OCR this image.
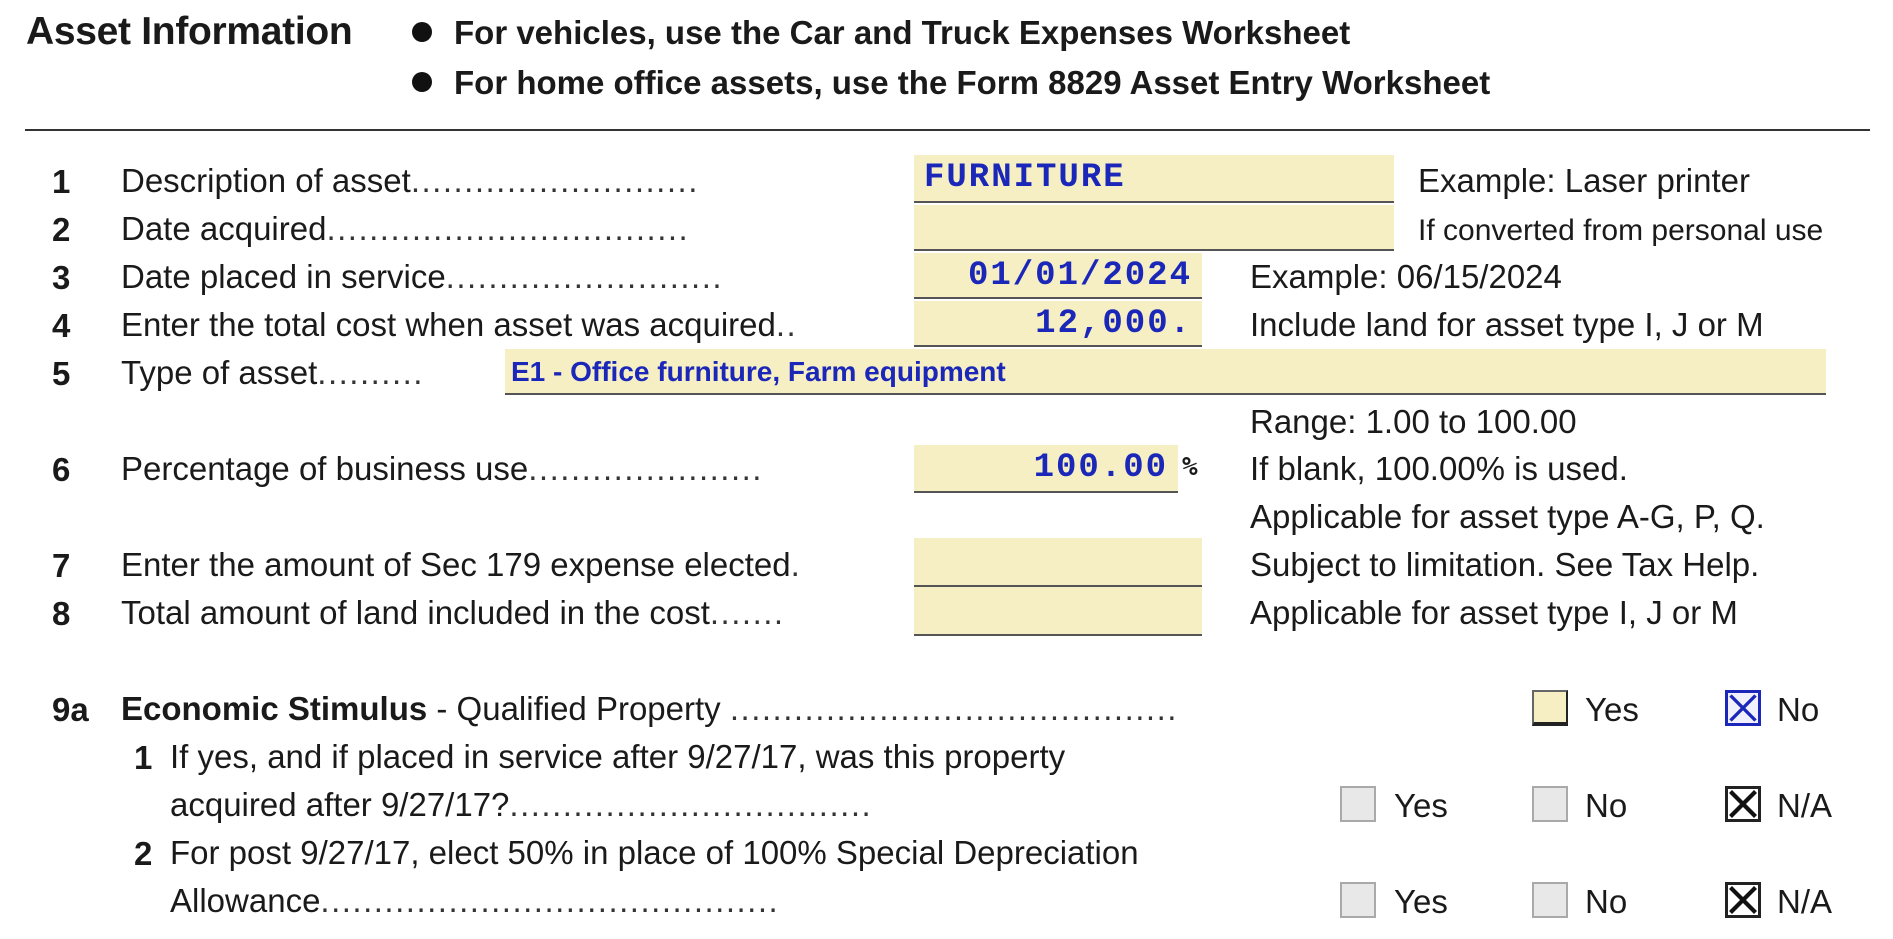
Asset Information	For vehicles, use the Car and Truck Expenses Worksheet
For home office assets, use the Form 8829 Asset Entry Worksheet
1 Description of asset...........................	FURNITURE	Example: Laser printer
2 Date acquired..................................	If converted from personal use
3 Date placed in service..........................	01/01/2024	Example: 06/15/2024
4 Enter the total cost when asset was acquired..	12,000.	Include land for asset type I, J or M
5 Type of asset..........	E1 - Office furniture, Farm equipment
Range: 1.00 to 100.00
6 Percentage of business use......................	100.00 % If blank, 100.00% is used.
Applicable for asset type A-G, P, Q.
7 Enter the amount of Sec 179 expense elected.	Subject to limitation. See Tax Help.
8 Total amount of land included in the cost.......	Applicable for asset type I, J or M
9a Economic Stimulus - Qualified Property ..........................................	Yes	No
1 If yes, and if placed in service after 9/27/17, was this property
acquired after 9/27/17?..................................	Yes	No	N/A
2 For post 9/27/17, elect 50% in place of 100% Special Depreciation
Allowance...........................................	Yes	No	N/A
